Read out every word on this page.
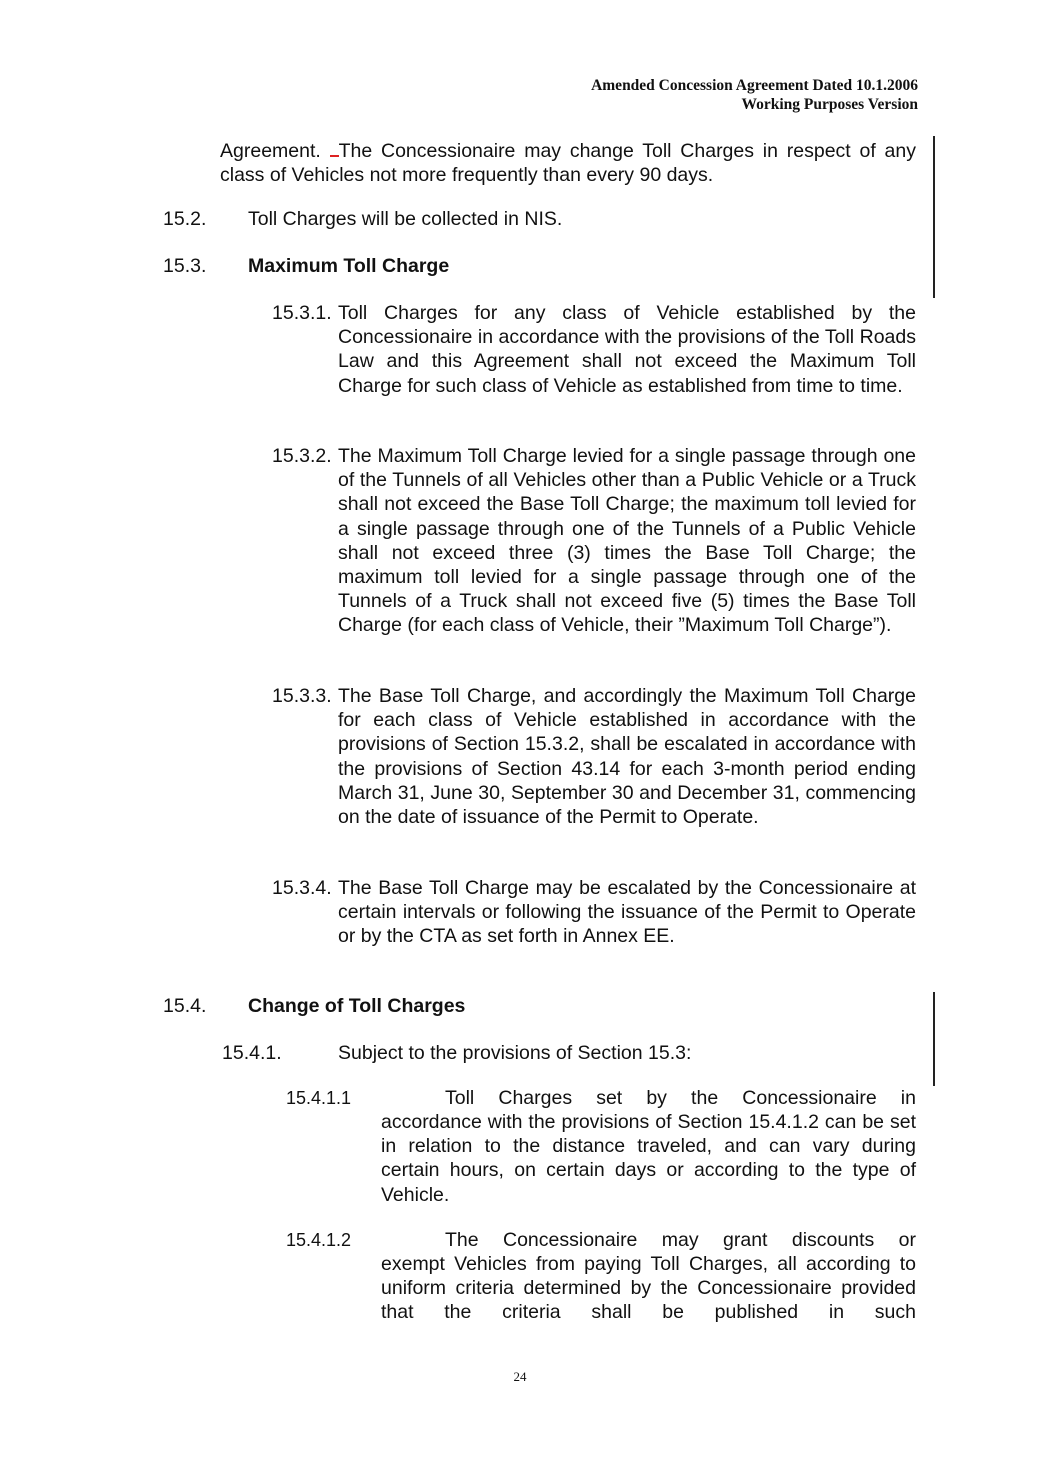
Amended Concession Agreement Dated 10.1.2006
Working Purposes Version
Agreement. The Concessionaire may change Toll Charges in respect of any class of Vehicles not more frequently than every 90 days.
15.2. Toll Charges will be collected in NIS.
15.3. Maximum Toll Charge
15.3.1. Toll Charges for any class of Vehicle established by the Concessionaire in accordance with the provisions of the Toll Roads Law and this Agreement shall not exceed the Maximum Toll Charge for such class of Vehicle as established from time to time.
15.3.2. The Maximum Toll Charge levied for a single passage through one of the Tunnels of all Vehicles other than a Public Vehicle or a Truck shall not exceed the Base Toll Charge; the maximum toll levied for a single passage through one of the Tunnels of a Public Vehicle shall not exceed three (3) times the Base Toll Charge; the maximum toll levied for a single passage through one of the Tunnels of a Truck shall not exceed five (5) times the Base Toll Charge (for each class of Vehicle, their ”Maximum Toll Charge”).
15.3.3. The Base Toll Charge, and accordingly the Maximum Toll Charge for each class of Vehicle established in accordance with the provisions of Section 15.3.2, shall be escalated in accordance with the provisions of Section 43.14 for each 3-month period ending March 31, June 30, September 30 and December 31, commencing on the date of issuance of the Permit to Operate.
15.3.4. The Base Toll Charge may be escalated by the Concessionaire at certain intervals or following the issuance of the Permit to Operate or by the CTA as set forth in Annex EE.
15.4. Change of Toll Charges
15.4.1.	Subject to the provisions of Section 15.3:
15.4.1.1	Toll Charges set by the Concessionaire in
accordance with the provisions of Section 15.4.1.2 can be set in relation to the distance traveled, and can vary during certain hours, on certain days or according to the type of Vehicle.
15.4.1.2	The Concessionaire may grant discounts or
exempt Vehicles from paying Toll Charges, all according to uniform criteria determined by the Concessionaire provided that the criteria shall be published in such
24
